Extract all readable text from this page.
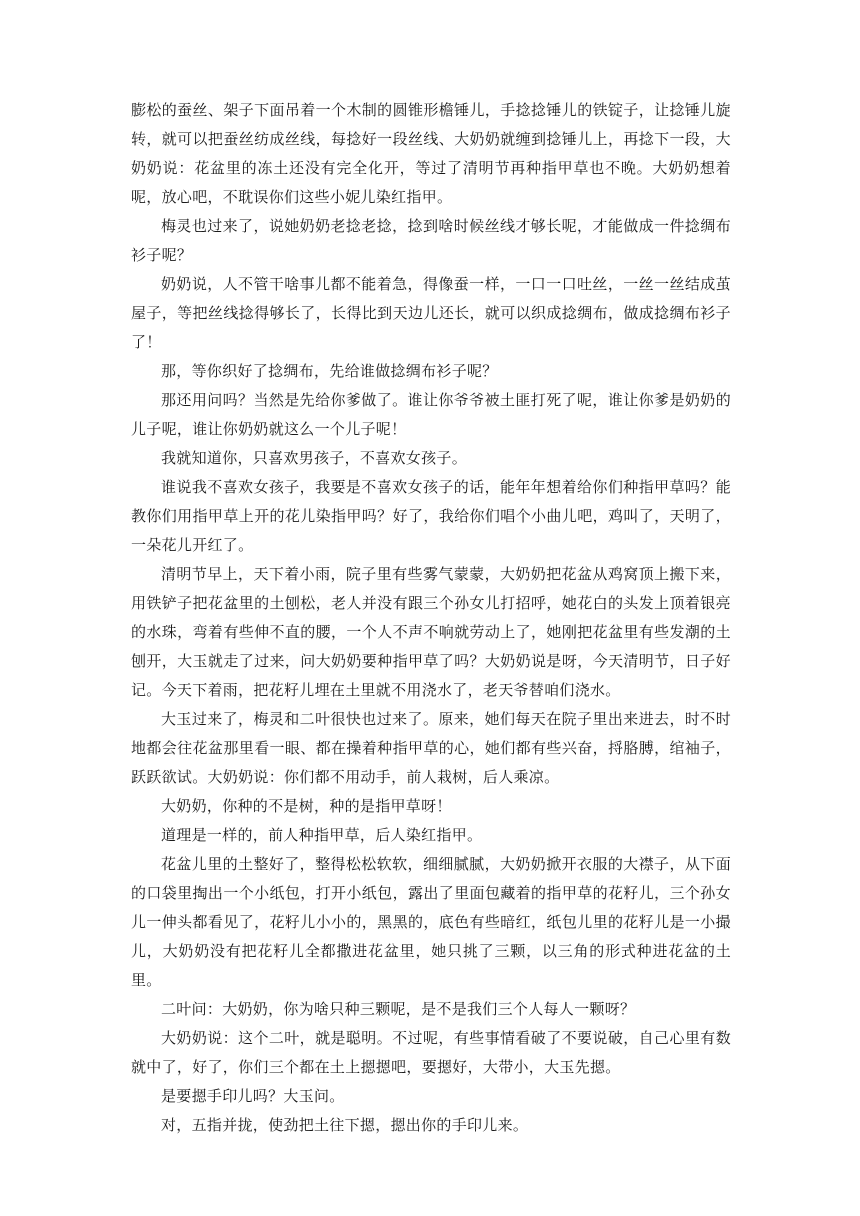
膨松的蚕丝、架子下面吊着一个木制的圆锥形檐锤儿，手捻捻锤儿的铁锭子，让捻锤儿旋转，就可以把蚕丝纺成丝线，每捻好一段丝线、大奶奶就缠到捻锤儿上，再捻下一段，大奶奶说：花盆里的冻土还没有完全化开，等过了清明节再种指甲草也不晚。大奶奶想着呢，放心吧，不耽误你们这些小妮儿染红指甲。

梅灵也过来了，说她奶奶老捻老捻，捻到啥时候丝线才够长呢，才能做成一件捻绸布衫子呢？

奶奶说，人不管干啥事儿都不能着急，得像蚕一样，一口一口吐丝，一丝一丝结成茧屋子，等把丝线捻得够长了，长得比到天边儿还长，就可以织成捻绸布，做成捻绸布衫子了！

那，等你织好了捻绸布，先给谁做捻绸布衫子呢？

那还用问吗？当然是先给你爹做了。谁让你爷爷被土匪打死了呢，谁让你爹是奶奶的儿子呢，谁让你奶奶就这么一个儿子呢！

我就知道你，只喜欢男孩子，不喜欢女孩子。

谁说我不喜欢女孩子，我要是不喜欢女孩子的话，能年年想着给你们种指甲草吗？能教你们用指甲草上开的花儿染指甲吗？好了，我给你们唱个小曲儿吧，鸡叫了，天明了，一朵花儿开红了。

清明节早上，天下着小雨，院子里有些雾气蒙蒙，大奶奶把花盆从鸡窝顶上搬下来，用铁铲子把花盆里的土刨松，老人并没有跟三个孙女儿打招呼，她花白的头发上顶着银亮的水珠，弯着有些伸不直的腰，一个人不声不响就劳动上了，她刚把花盆里有些发潮的土刨开，大玉就走了过来，问大奶奶要种指甲草了吗？大奶奶说是呀，今天清明节，日子好记。今天下着雨，把花籽儿埋在土里就不用浇水了，老天爷替咱们浇水。

大玉过来了，梅灵和二叶很快也过来了。原来，她们每天在院子里出来进去，时不时地都会往花盆那里看一眼、都在操着种指甲草的心，她们都有些兴奋，捋胳膊，绾袖子，跃跃欲试。大奶奶说：你们都不用动手，前人栽树，后人乘凉。

大奶奶，你种的不是树，种的是指甲草呀！

道理是一样的，前人种指甲草，后人染红指甲。

花盆儿里的土整好了，整得松松软软，细细腻腻，大奶奶掀开衣服的大襟子，从下面的口袋里掏出一个小纸包，打开小纸包，露出了里面包藏着的指甲草的花籽儿，三个孙女儿一伸头都看见了，花籽儿小小的，黑黑的，底色有些暗红，纸包儿里的花籽儿是一小撮儿，大奶奶没有把花籽儿全都撒进花盆里，她只挑了三颗，以三角的形式种进花盆的土里。

二叶问：大奶奶，你为啥只种三颗呢，是不是我们三个人每人一颗呀？

大奶奶说：这个二叶，就是聪明。不过呢，有些事情看破了不要说破，自己心里有数就中了，好了，你们三个都在土上摁摁吧，要摁好，大带小，大玉先摁。

是要摁手印儿吗？大玉问。

对，五指并拢，使劲把土往下摁，摁出你的手印儿来。
